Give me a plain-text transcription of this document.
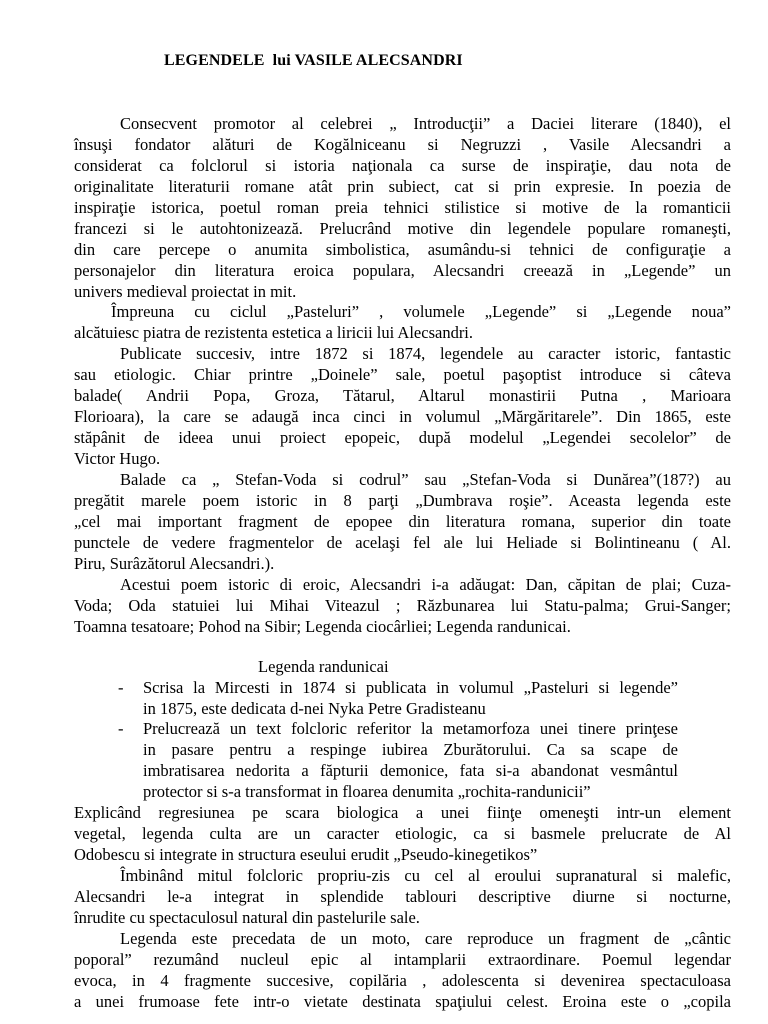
LEGENDELE  lui VASILE ALECSANDRI
Consecvent promotor al celebrei „ Introducţii” a Daciei literare (1840), el
însuşi fondator alături de Kogălniceanu si Negruzzi , Vasile Alecsandri a
considerat ca folclorul si istoria naţionala ca surse de inspiraţie, dau nota de
originalitate literaturii romane atât prin subiect, cat si prin expresie. In poezia de
inspiraţie istorica, poetul roman preia tehnici stilistice si motive de la romanticii
francezi si le autohtonizează. Prelucrând motive din legendele populare romaneşti,
din care percepe o anumita simbolistica, asumându-si tehnici de configuraţie a
personajelor din literatura eroica populara, Alecsandri creează in „Legende” un
univers medieval proiectat in mit.
Împreuna cu ciclul „Pasteluri” , volumele „Legende” si „Legende noua”
alcătuiesc piatra de rezistenta estetica a liricii lui Alecsandri.
Publicate succesiv, intre 1872 si 1874, legendele au caracter istoric, fantastic
sau etiologic. Chiar printre „Doinele” sale, poetul paşoptist introduce si câteva
balade( Andrii Popa, Groza, Tătarul, Altarul monastirii Putna , Marioara
Florioara), la care se adaugă inca cinci in volumul „Mărgăritarele”. Din 1865, este
stăpânit de ideea unui proiect epopeic, după modelul „Legendei secolelor” de
Victor Hugo.
Balade ca „ Stefan-Voda si codrul” sau „Stefan-Voda si Dunărea”(187?) au
pregătit marele poem istoric in 8 parţi „Dumbrava roşie”. Aceasta legenda este
„cel mai important fragment de epopee din literatura romana, superior din toate
punctele de vedere fragmentelor de acelaşi fel ale lui Heliade si Bolintineanu ( Al.
Piru, Surâzătorul Alecsandri.).
Acestui poem istoric di eroic, Alecsandri i-a adăugat: Dan, căpitan de plai; Cuza-
Voda; Oda statuiei lui Mihai Viteazul ; Răzbunarea lui Statu-palma; Grui-Sanger;
Toamna tesatoare; Pohod na Sibir; Legenda ciocârliei; Legenda randunicai.
Legenda randunicai
- Scrisa la Mircesti in 1874 si publicata in volumul „Pasteluri si legende”
in 1875, este dedicata d-nei Nyka Petre Gradisteanu
- Prelucrează un text folcloric referitor la metamorfoza unei tinere prinţese
in pasare pentru a respinge iubirea Zburătorului. Ca sa scape de
imbratisarea nedorita a făpturii demonice, fata si-a abandonat vesmântul
protector si s-a transformat in floarea denumita „rochita-randunicii”
Explicând regresiunea pe scara biologica a unei fiinţe omeneşti intr-un element
vegetal, legenda culta are un caracter etiologic, ca si basmele prelucrate de Al
Odobescu si integrate in structura eseului erudit „Pseudo-kinegetikos”
Îmbinând mitul folcloric propriu-zis cu cel al eroului supranatural si malefic,
Alecsandri le-a integrat in splendide tablouri descriptive diurne si nocturne,
înrudite cu spectaculosul natural din pastelurile sale.
Legenda este precedata de un moto, care reproduce un fragment de „cântic
poporal” rezumând nucleul epic al intamplarii extraordinare. Poemul legendar
evoca, in 4 fragmente succesive, copilăria , adolescenta si devenirea spectaculoasa
a unei frumoase fete intr-o vietate destinata spaţiului celest. Eroina este o „copila
